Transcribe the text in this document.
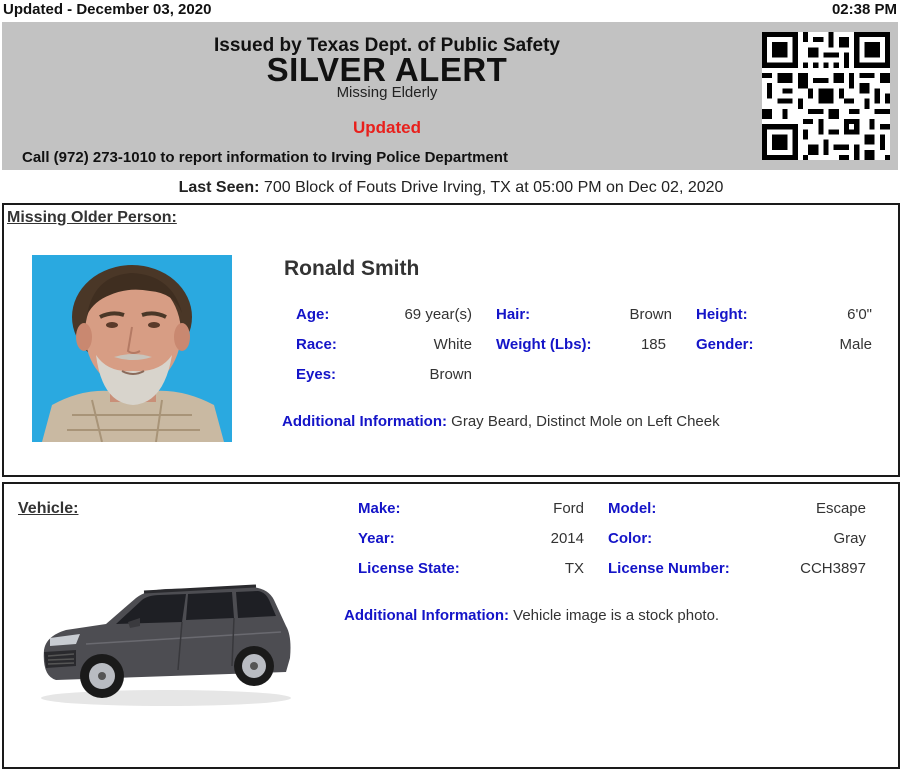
Updated - December 03, 2020	02:38 PM
Issued by Texas Dept. of Public Safety
SILVER ALERT
Missing Elderly
Updated
Call (972) 273-1010 to report information to Irving Police Department
Last Seen: 700 Block of Fouts Drive Irving, TX at 05:00 PM on Dec 02, 2020
Missing Older Person:
Ronald Smith
Age:	69 year(s) Hair:	Brown Height:	6'0"
Race:	White Weight (Lbs):	185 Gender:	Male
Eyes:	Brown
Additional Information: Gray Beard, Distinct Mole on Left Cheek
Vehicle:	Make:	Ford Model:	Escape
Year:	2014 Color:	Gray
License State:	TX License Number:	CCH3897
Additional Information: Vehicle image is a stock photo.
